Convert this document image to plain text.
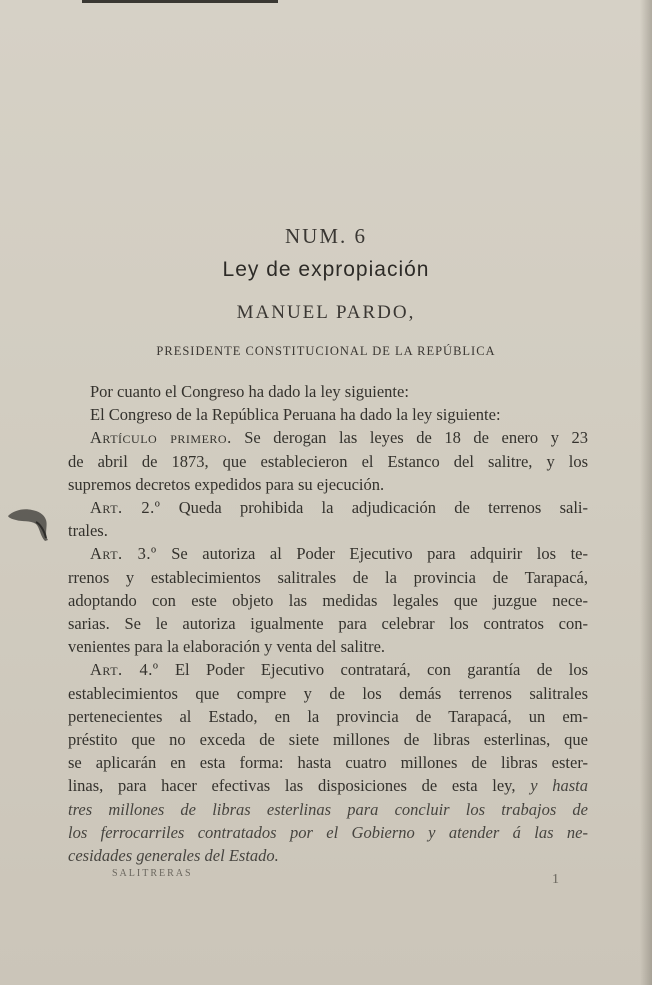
NUM. 6
Ley de expropiación
MANUEL PARDO,
PRESIDENTE CONSTITUCIONAL DE LA REPÚBLICA
Por cuanto el Congreso ha dado la ley siguiente:
El Congreso de la República Peruana ha dado la ley siguiente:
Artículo primero. Se derogan las leyes de 18 de enero y 23
de abril de 1873, que establecieron el Estanco del salitre, y los
supremos decretos expedidos para su ejecución.
Art. 2.º Queda prohibida la adjudicación de terrenos sali-
trales.
Art. 3.º Se autoriza al Poder Ejecutivo para adquirir los te-
rrenos y establecimientos salitrales de la provincia de Tarapacá,
adoptando con este objeto las medidas legales que juzgue nece-
sarias. Se le autoriza igualmente para celebrar los contratos con-
venientes para la elaboración y venta del salitre.
Art. 4.º El Poder Ejecutivo contratará, con garantía de los
establecimientos que compre y de los demás terrenos salitrales
pertenecientes al Estado, en la provincia de Tarapacá, un em-
préstito que no exceda de siete millones de libras esterlinas, que
se aplicarán en esta forma: hasta cuatro millones de libras ester-
linas, para hacer efectivas las disposiciones de esta ley, y hasta
tres millones de libras esterlinas para concluir los trabajos de
los ferrocarriles contratados por el Gobierno y atender á las ne-
cesidades generales del Estado.
SALITRERAS	1
